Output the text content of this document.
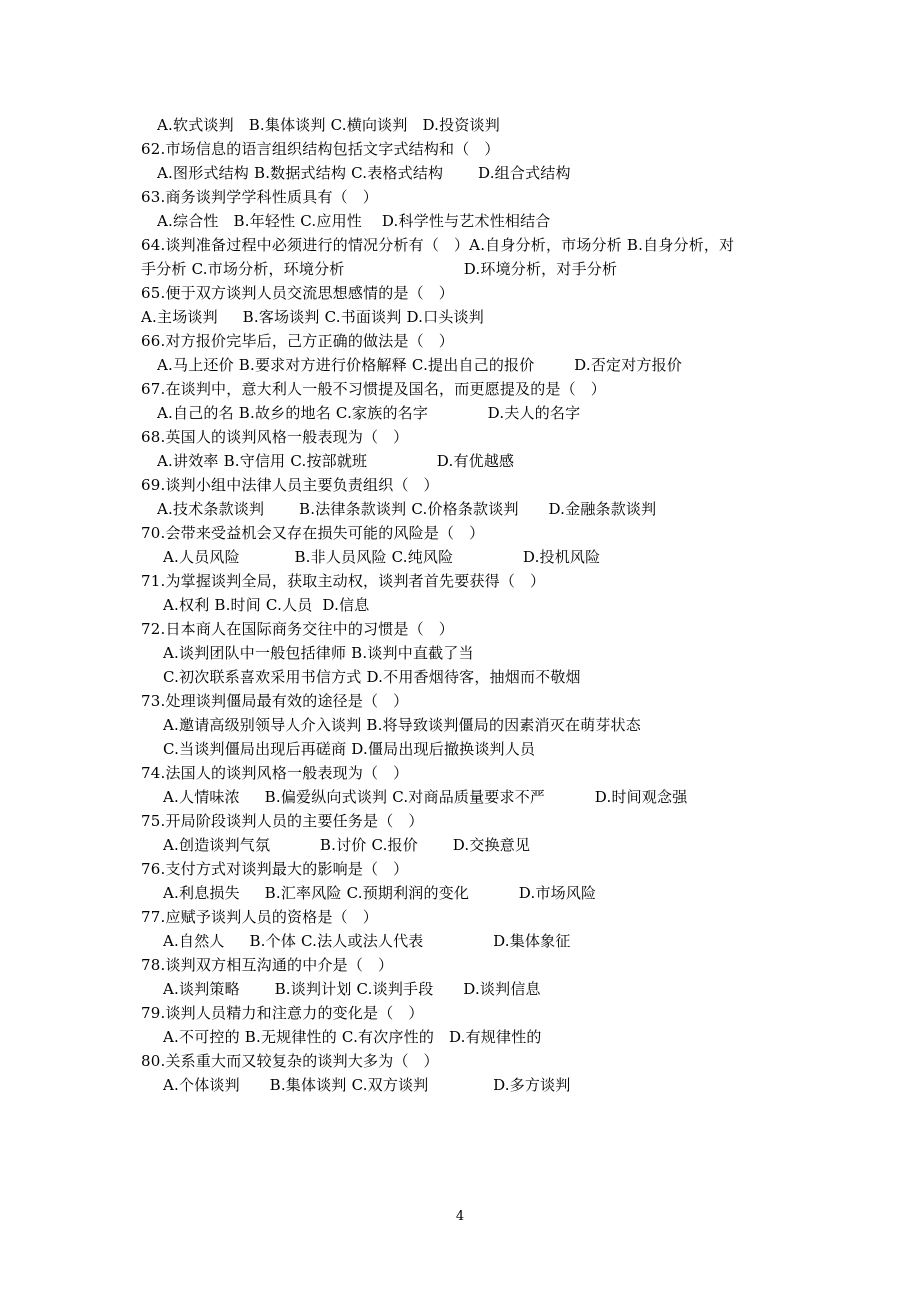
A.软式谈判   B.集体谈判 C.横向谈判   D.投资谈判
62.市场信息的语言组织结构包括文字式结构和（   ）
A.图形式结构 B.数据式结构 C.表格式结构       D.组合式结构
63.商务谈判学学科性质具有（   ）
A.综合性   B.年轻性 C.应用性    D.科学性与艺术性相结合
64.谈判准备过程中必须进行的情况分析有（   ）A.自身分析，市场分析 B.自身分析，对
手分析 C.市场分析，环境分析                        D.环境分析，对手分析
65.便于双方谈判人员交流思想感情的是（   ）
A.主场谈判     B.客场谈判 C.书面谈判 D.口头谈判
66.对方报价完毕后，己方正确的做法是（   ）
A.马上还价 B.要求对方进行价格解释 C.提出自己的报价        D.否定对方报价
67.在谈判中，意大利人一般不习惯提及国名，而更愿提及的是（   ）
A.自己的名 B.故乡的地名 C.家族的名字            D.夫人的名字
68.英国人的谈判风格一般表现为（   ）
A.讲效率 B.守信用 C.按部就班              D.有优越感
69.谈判小组中法律人员主要负责组织（   ）
A.技术条款谈判       B.法律条款谈判 C.价格条款谈判      D.金融条款谈判
70.会带来受益机会又存在损失可能的风险是（   ）
A.人员风险           B.非人员风险 C.纯风险              D.投机风险
71.为掌握谈判全局，获取主动权，谈判者首先要获得（   ）
A.权利 B.时间 C.人员  D.信息
72.日本商人在国际商务交往中的习惯是（   ）
A.谈判团队中一般包括律师 B.谈判中直截了当
C.初次联系喜欢采用书信方式 D.不用香烟待客，抽烟而不敬烟
73.处理谈判僵局最有效的途径是（   ）
A.邀请高级别领导人介入谈判 B.将导致谈判僵局的因素消灭在萌芽状态
C.当谈判僵局出现后再磋商 D.僵局出现后撤换谈判人员
74.法国人的谈判风格一般表现为（   ）
A.人情味浓     B.偏爱纵向式谈判 C.对商品质量要求不严          D.时间观念强
75.开局阶段谈判人员的主要任务是（   ）
A.创造谈判气氛          B.讨价 C.报价       D.交换意见
76.支付方式对谈判最大的影响是（   ）
A.利息损失     B.汇率风险 C.预期利润的变化          D.市场风险
77.应赋予谈判人员的资格是（   ）
A.自然人     B.个体 C.法人或法人代表              D.集体象征
78.谈判双方相互沟通的中介是（   ）
A.谈判策略       B.谈判计划 C.谈判手段      D.谈判信息
79.谈判人员精力和注意力的变化是（   ）
A.不可控的 B.无规律性的 C.有次序性的   D.有规律性的
80.关系重大而又较复杂的谈判大多为（   ）
A.个体谈判      B.集体谈判 C.双方谈判             D.多方谈判
4
